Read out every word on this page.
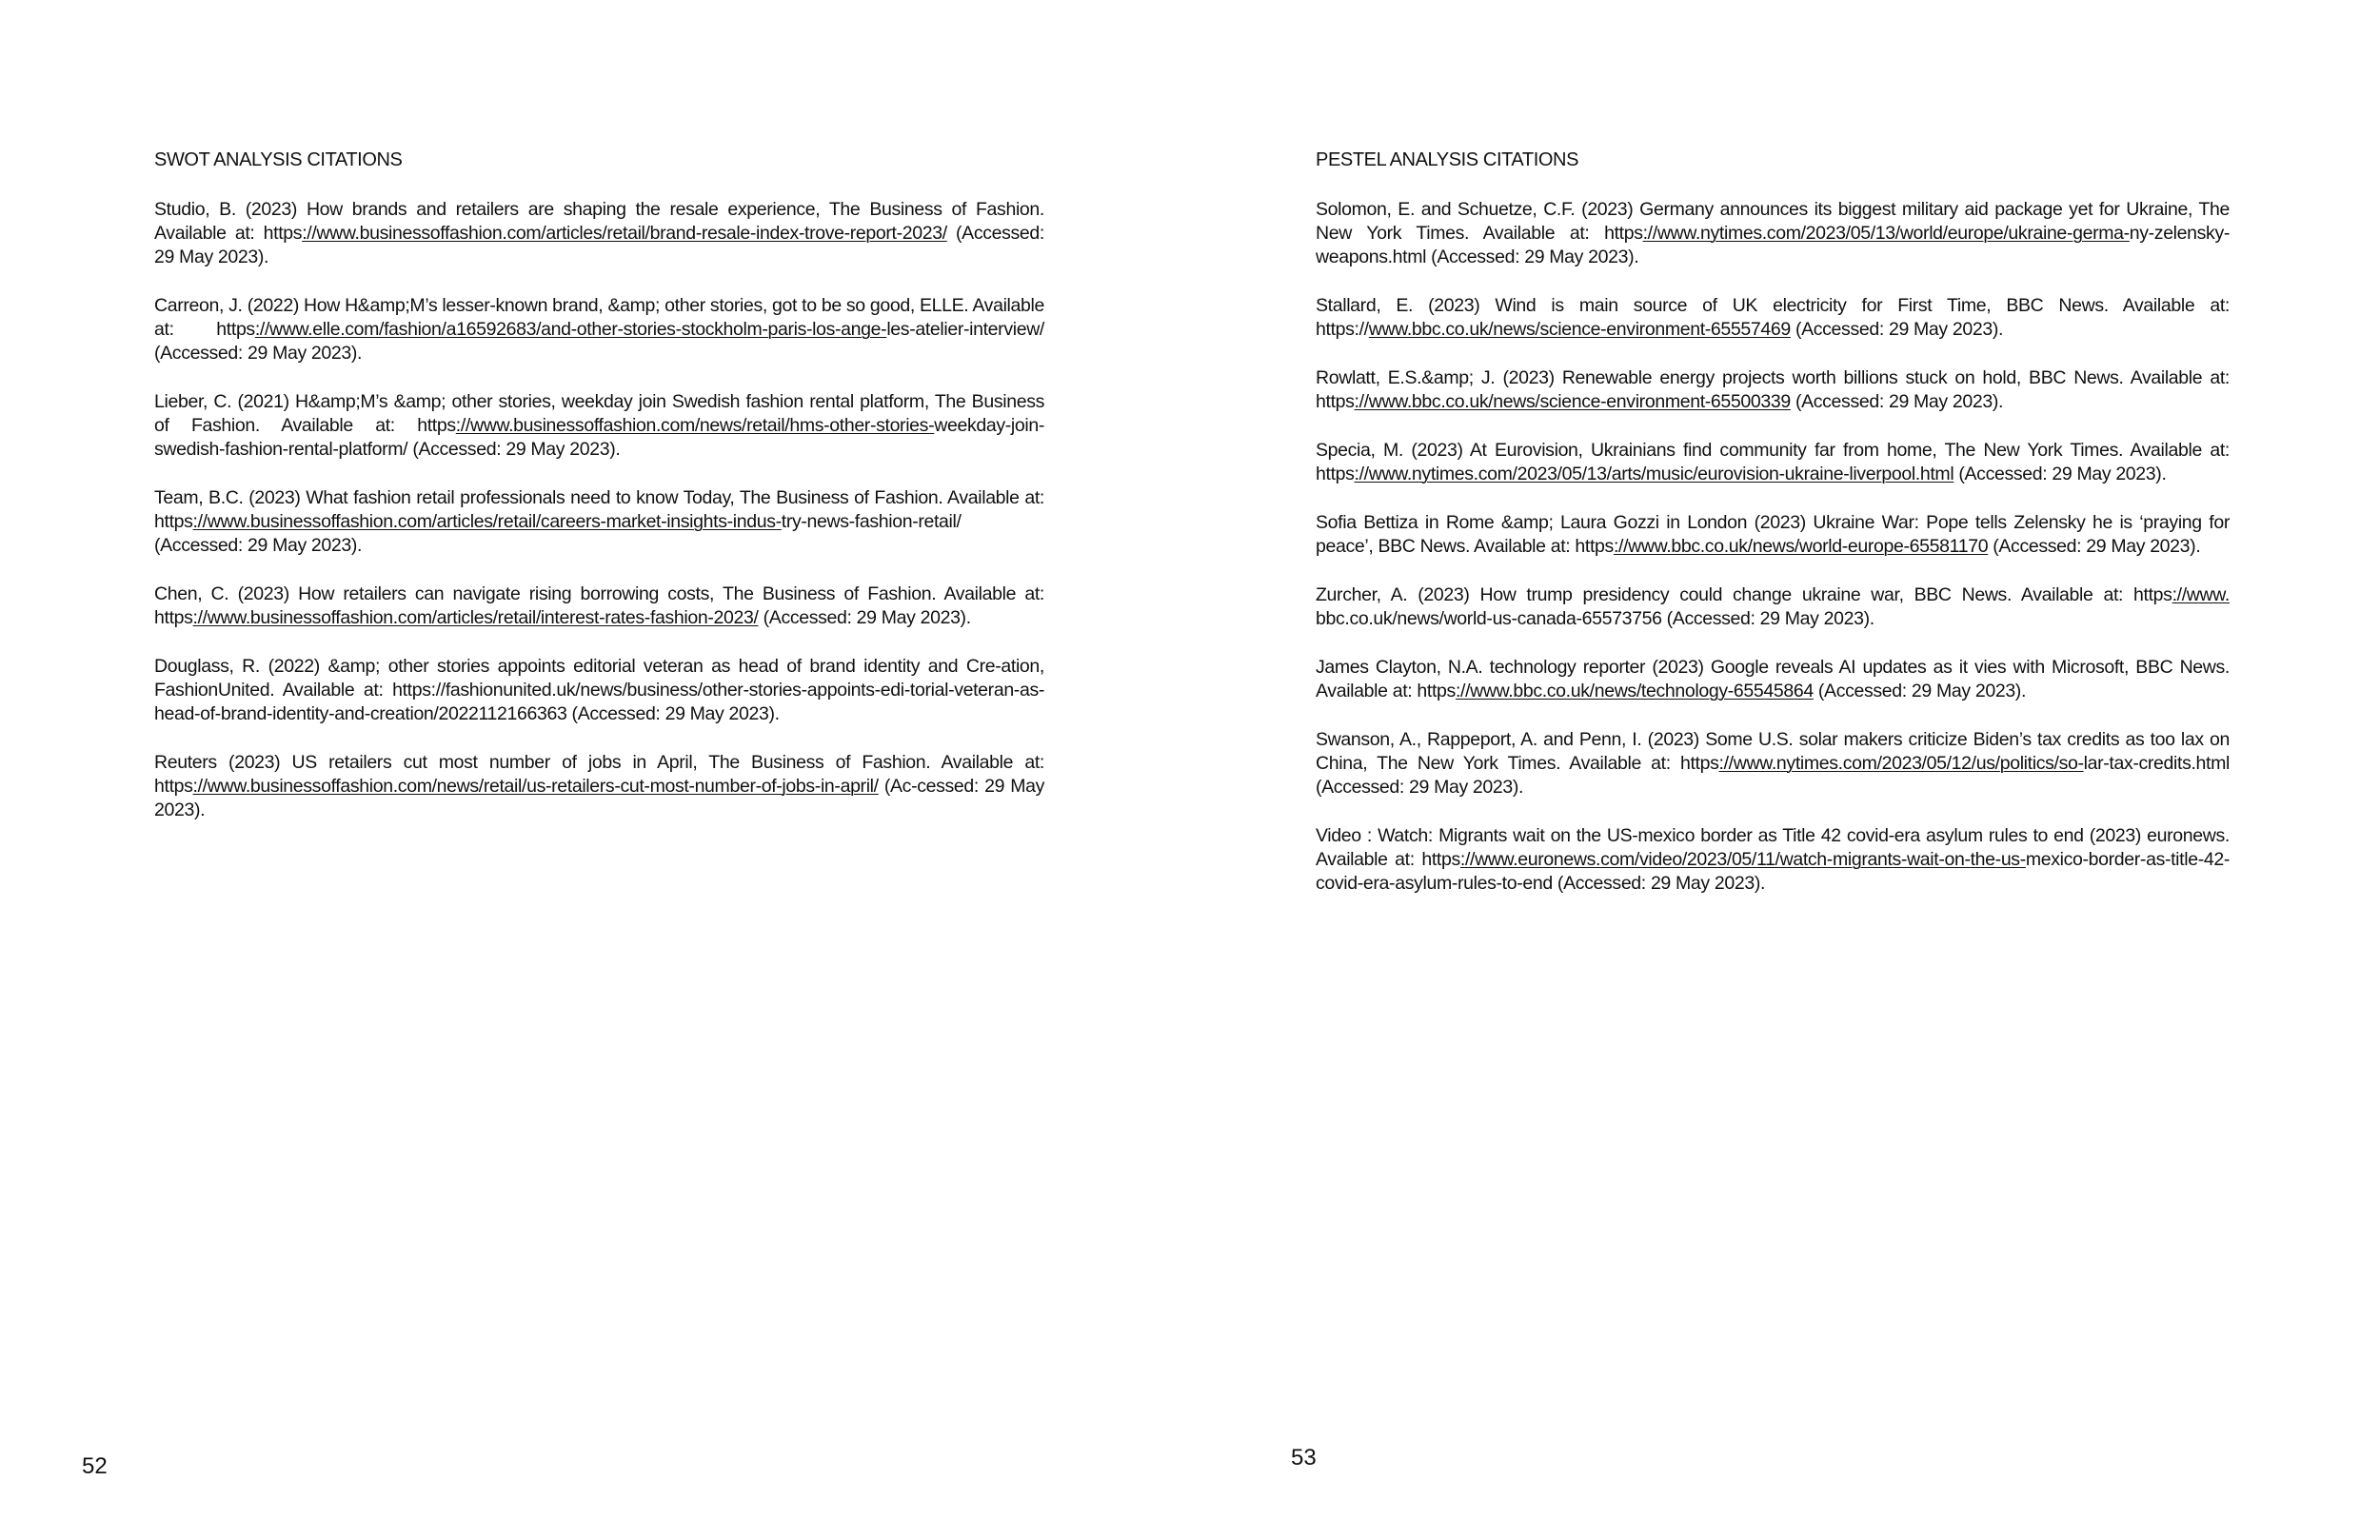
SWOT ANALYSIS CITATIONS

Studio, B. (2023) How brands and retailers are shaping the resale experience, The Business of Fashion. Available at: https://www.businessoffashion.com/articles/retail/brand-resale-index-trove-report-2023/ (Accessed: 29 May 2023).

Carreon, J. (2022) How H&amp;M’s lesser-known brand, &amp; other stories, got to be so good, ELLE. Available at: https://www.elle.com/fashion/a16592683/and-other-stories-stockholm-paris-los-ange-les-atelier-interview/ (Accessed: 29 May 2023).

Lieber, C. (2021) H&amp;M’s &amp; other stories, weekday join Swedish fashion rental platform, The Business of Fashion. Available at: https://www.businessoffashion.com/news/retail/hms-other-stories-weekday-join-swedish-fashion-rental-platform/ (Accessed: 29 May 2023).

Team, B.C. (2023) What fashion retail professionals need to know Today, The Business of Fashion. Available at: https://www.businessoffashion.com/articles/retail/careers-market-insights-indus-try-news-fashion-retail/ (Accessed: 29 May 2023).

Chen, C. (2023) How retailers can navigate rising borrowing costs, The Business of Fashion. Available at: https://www.businessoffashion.com/articles/retail/interest-rates-fashion-2023/ (Accessed: 29 May 2023).

Douglass, R. (2022) &amp; other stories appoints editorial veteran as head of brand identity and Cre-ation, FashionUnited. Available at: https://fashionunited.uk/news/business/other-stories-appoints-edi-torial-veteran-as-head-of-brand-identity-and-creation/2022112166363 (Accessed: 29 May 2023).

Reuters (2023) US retailers cut most number of jobs in April, The Business of Fashion. Available at: https://www.businessoffashion.com/news/retail/us-retailers-cut-most-number-of-jobs-in-april/ (Ac-cessed: 29 May 2023).

52
PESTEL ANALYSIS CITATIONS

Solomon, E. and Schuetze, C.F. (2023) Germany announces its biggest military aid package yet for Ukraine, The New York Times. Available at: https://www.nytimes.com/2023/05/13/world/europe/ukraine-germa-ny-zelensky-weapons.html (Accessed: 29 May 2023).

Stallard, E. (2023) Wind is main source of UK electricity for First Time, BBC News. Available at: https://www.bbc.co.uk/news/science-environment-65557469 (Accessed: 29 May 2023).

Rowlatt, E.S.&amp; J. (2023) Renewable energy projects worth billions stuck on hold, BBC News. Available at: https://www.bbc.co.uk/news/science-environment-65500339 (Accessed: 29 May 2023).

Specia, M. (2023) At Eurovision, Ukrainians find community far from home, The New York Times. Available at: https://www.nytimes.com/2023/05/13/arts/music/eurovision-ukraine-liverpool.html (Accessed: 29 May 2023).

Sofia Bettiza in Rome &amp; Laura Gozzi in London (2023) Ukraine War: Pope tells Zelensky he is ‘praying for peace’, BBC News. Available at: https://www.bbc.co.uk/news/world-europe-65581170 (Accessed: 29 May 2023).

Zurcher, A. (2023) How trump presidency could change ukraine war, BBC News. Available at: https://www. bbc.co.uk/news/world-us-canada-65573756 (Accessed: 29 May 2023).

James Clayton, N.A. technology reporter (2023) Google reveals AI updates as it vies with Microsoft, BBC News. Available at: https://www.bbc.co.uk/news/technology-65545864 (Accessed: 29 May 2023).

Swanson, A., Rappeport, A. and Penn, I. (2023) Some U.S. solar makers criticize Biden’s tax credits as too lax on China, The New York Times. Available at: https://www.nytimes.com/2023/05/12/us/politics/so-lar-tax-credits.html (Accessed: 29 May 2023).

Video : Watch: Migrants wait on the US-mexico border as Title 42 covid-era asylum rules to end (2023) euronews. Available at: https://www.euronews.com/video/2023/05/11/watch-migrants-wait-on-the-us-mexico-border-as-title-42-covid-era-asylum-rules-to-end (Accessed: 29 May 2023).

53
